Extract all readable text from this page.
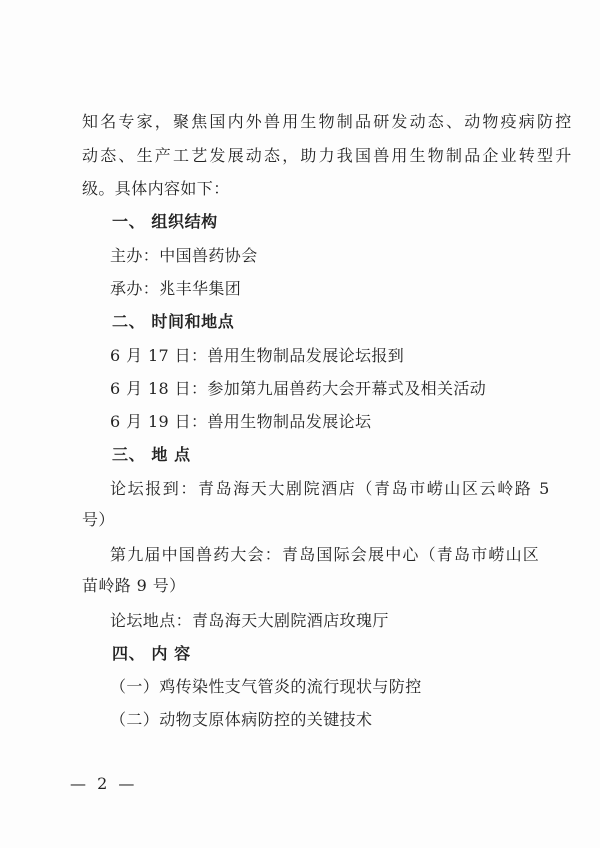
知名专家，聚焦国内外兽用生物制品研发动态、动物疫病防控
动态、生产工艺发展动态，助力我国兽用生物制品企业转型升
级。具体内容如下：
一、 组织结构
主办：中国兽药协会
承办：兆丰华集团
二、 时间和地点
6 月 17 日：兽用生物制品发展论坛报到
6 月 18 日：参加第九届兽药大会开幕式及相关活动
6 月 19 日：兽用生物制品发展论坛
三、 地 点
论坛报到：青岛海天大剧院酒店（青岛市崂山区云岭路 5
号）
第九届中国兽药大会：青岛国际会展中心（青岛市崂山区
苗岭路 9 号）
论坛地点：青岛海天大剧院酒店玫瑰厅
四、 内 容
（一）鸡传染性支气管炎的流行现状与防控
（二）动物支原体病防控的关键技术
— 2 —
